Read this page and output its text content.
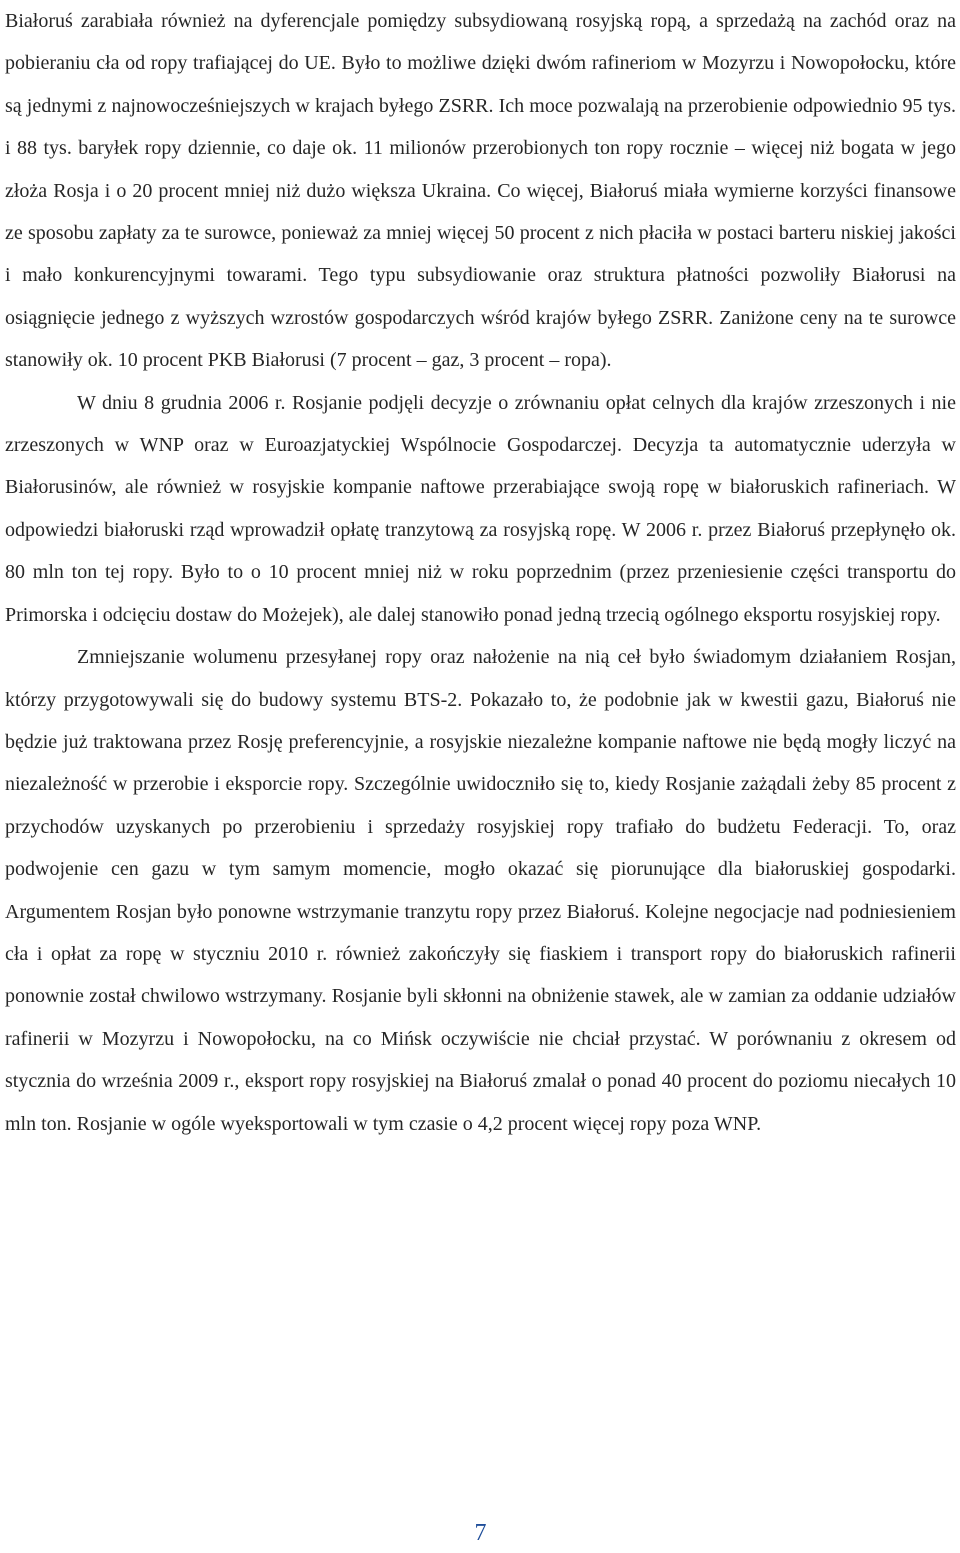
Białoruś zarabiała również na dyferencjale pomiędzy subsydiowaną rosyjską ropą, a sprzedażą na zachód oraz na pobieraniu cła od ropy trafiającej do UE. Było to możliwe dzięki dwóm rafineriom w Mozyrzu i Nowopołocku, które są jednymi z najnowocześniejszych w krajach byłego ZSRR. Ich moce pozwalają na przerobienie odpowiednio 95 tys. i 88 tys. baryłek ropy dziennie, co daje ok. 11 milionów przerobionych ton ropy rocznie – więcej niż bogata w jego złoża Rosja i o 20 procent mniej niż dużo większa Ukraina. Co więcej, Białoruś miała wymierne korzyści finansowe ze sposobu zapłaty za te surowce, ponieważ za mniej więcej 50 procent z nich płaciła w postaci barteru niskiej jakości i mało konkurencyjnymi towarami. Tego typu subsydiowanie oraz struktura płatności pozwoliły Białorusi na osiągnięcie jednego z wyższych wzrostów gospodarczych wśród krajów byłego ZSRR. Zaniżone ceny na te surowce stanowiły ok. 10 procent PKB Białorusi (7 procent – gaz, 3 procent – ropa).

W dniu 8 grudnia 2006 r. Rosjanie podjęli decyzje o zrównaniu opłat celnych dla krajów zrzeszonych i nie zrzeszonych w WNP oraz w Euroazjatyckiej Wspólnocie Gospodarczej. Decyzja ta automatycznie uderzyła w Białorusinów, ale również w rosyjskie kompanie naftowe przerabiające swoją ropę w białoruskich rafineriach. W odpowiedzi białoruski rząd wprowadził opłatę tranzytową za rosyjską ropę. W 2006 r. przez Białoruś przepłynęło ok. 80 mln ton tej ropy. Było to o 10 procent mniej niż w roku poprzednim (przez przeniesienie części transportu do Primorska i odcięciu dostaw do Możejek), ale dalej stanowiło ponad jedną trzecią ogólnego eksportu rosyjskiej ropy.

Zmniejszanie wolumenu przesyłanej ropy oraz nałożenie na nią ceł było świadomym działaniem Rosjan, którzy przygotowywali się do budowy systemu BTS-2. Pokazało to, że podobnie jak w kwestii gazu, Białoruś nie będzie już traktowana przez Rosję preferencyjnie, a rosyjskie niezależne kompanie naftowe nie będą mogły liczyć na niezależność w przerobie i eksporcie ropy. Szczególnie uwidoczniło się to, kiedy Rosjanie zażądali żeby 85 procent z przychodów uzyskanych po przerobieniu i sprzedaży rosyjskiej ropy trafiało do budżetu Federacji. To, oraz podwojenie cen gazu w tym samym momencie, mogło okazać się piorunujące dla białoruskiej gospodarki. Argumentem Rosjan było ponowne wstrzymanie tranzytu ropy przez Białoruś. Kolejne negocjacje nad podniesieniem cła i opłat za ropę w styczniu 2010 r. również zakończyły się fiaskiem i transport ropy do białoruskich rafinerii ponownie został chwilowo wstrzymany. Rosjanie byli skłonni na obniżenie stawek, ale w zamian za oddanie udziałów rafinerii w Mozyrzu i Nowopołocku, na co Mińsk oczywiście nie chciał przystać. W porównaniu z okresem od stycznia do września 2009 r., eksport ropy rosyjskiej na Białoruś zmalał o ponad 40 procent do poziomu niecałych 10 mln ton. Rosjanie w ogóle wyeksportowali w tym czasie o 4,2 procent więcej ropy poza WNP.

7
